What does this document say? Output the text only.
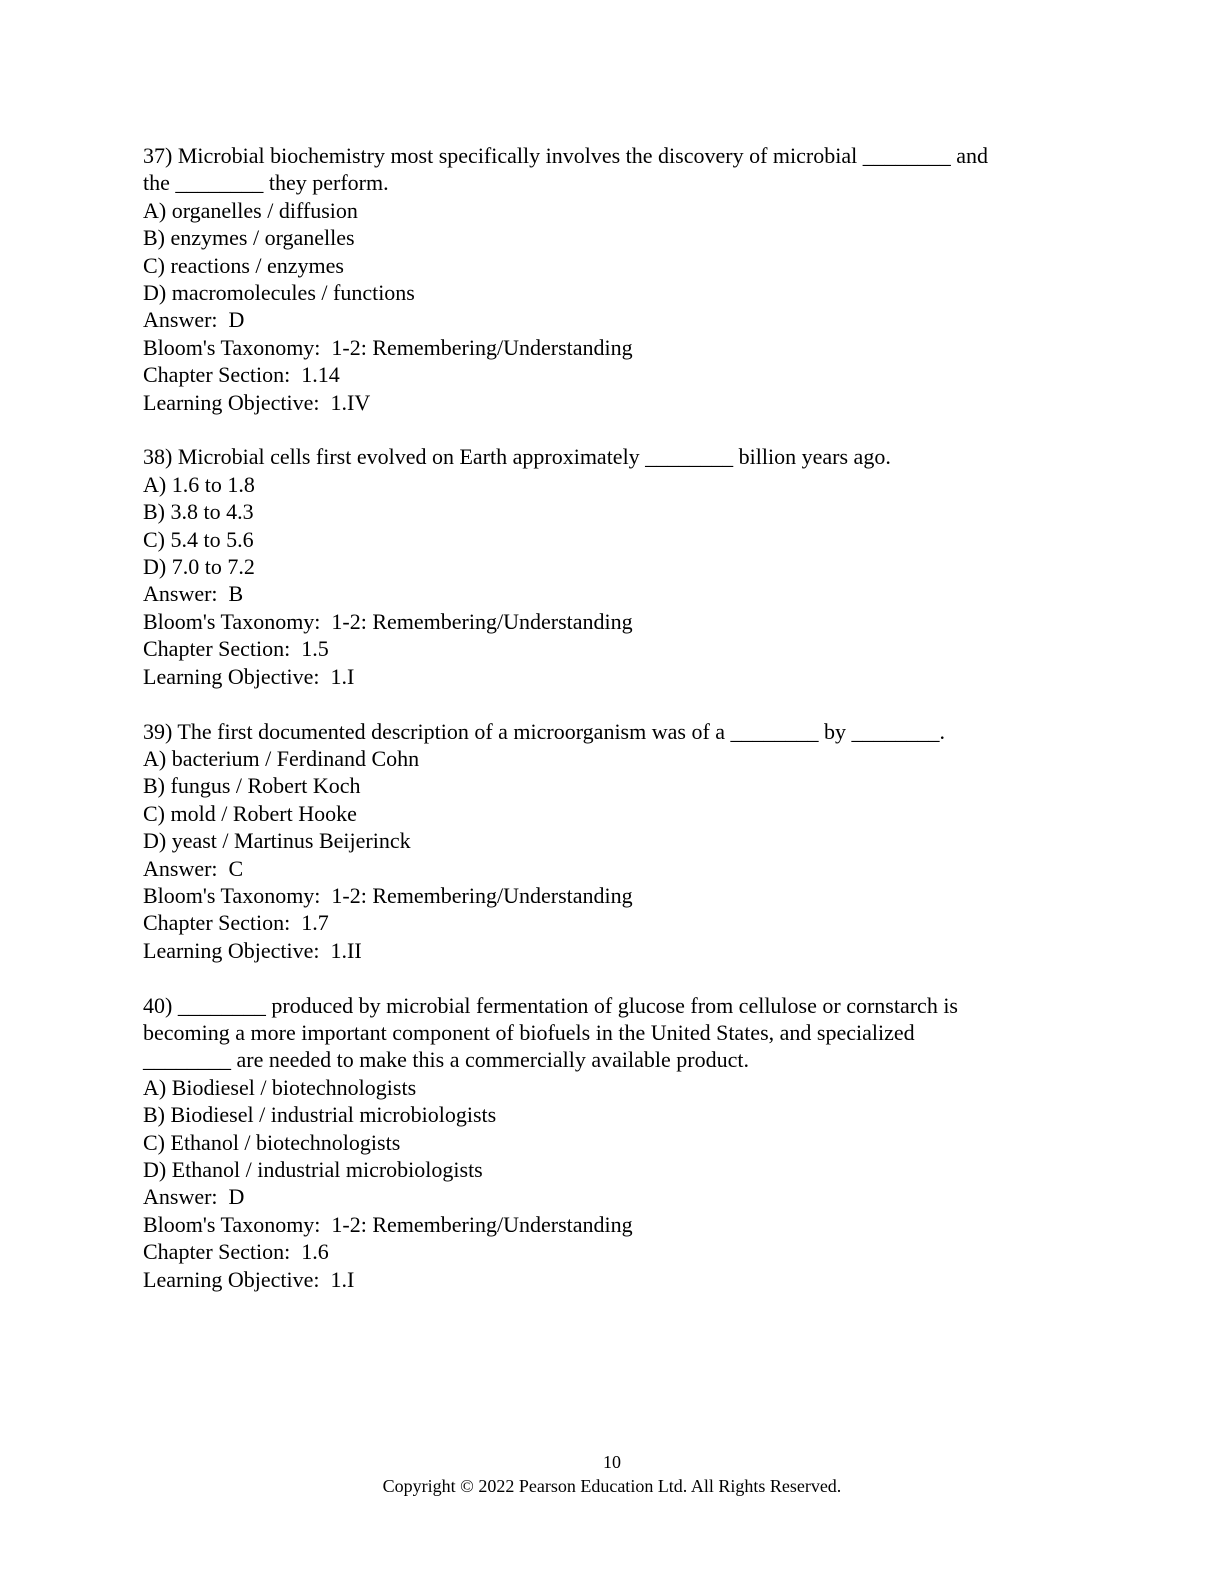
37) Microbial biochemistry most specifically involves the discovery of microbial ________ and
the ________ they perform.
A) organelles / diffusion
B) enzymes / organelles
C) reactions / enzymes
D) macromolecules / functions
Answer:  D
Bloom's Taxonomy:  1-2: Remembering/Understanding
Chapter Section:  1.14
Learning Objective:  1.IV
38) Microbial cells first evolved on Earth approximately ________ billion years ago.
A) 1.6 to 1.8
B) 3.8 to 4.3
C) 5.4 to 5.6
D) 7.0 to 7.2
Answer:  B
Bloom's Taxonomy:  1-2: Remembering/Understanding
Chapter Section:  1.5
Learning Objective:  1.I
39) The first documented description of a microorganism was of a ________ by ________.
A) bacterium / Ferdinand Cohn
B) fungus / Robert Koch
C) mold / Robert Hooke
D) yeast / Martinus Beijerinck
Answer:  C
Bloom's Taxonomy:  1-2: Remembering/Understanding
Chapter Section:  1.7
Learning Objective:  1.II
40) ________ produced by microbial fermentation of glucose from cellulose or cornstarch is
becoming a more important component of biofuels in the United States, and specialized
________ are needed to make this a commercially available product.
A) Biodiesel / biotechnologists
B) Biodiesel / industrial microbiologists
C) Ethanol / biotechnologists
D) Ethanol / industrial microbiologists
Answer:  D
Bloom's Taxonomy:  1-2: Remembering/Understanding
Chapter Section:  1.6
Learning Objective:  1.I
10
Copyright © 2022 Pearson Education Ltd. All Rights Reserved.
